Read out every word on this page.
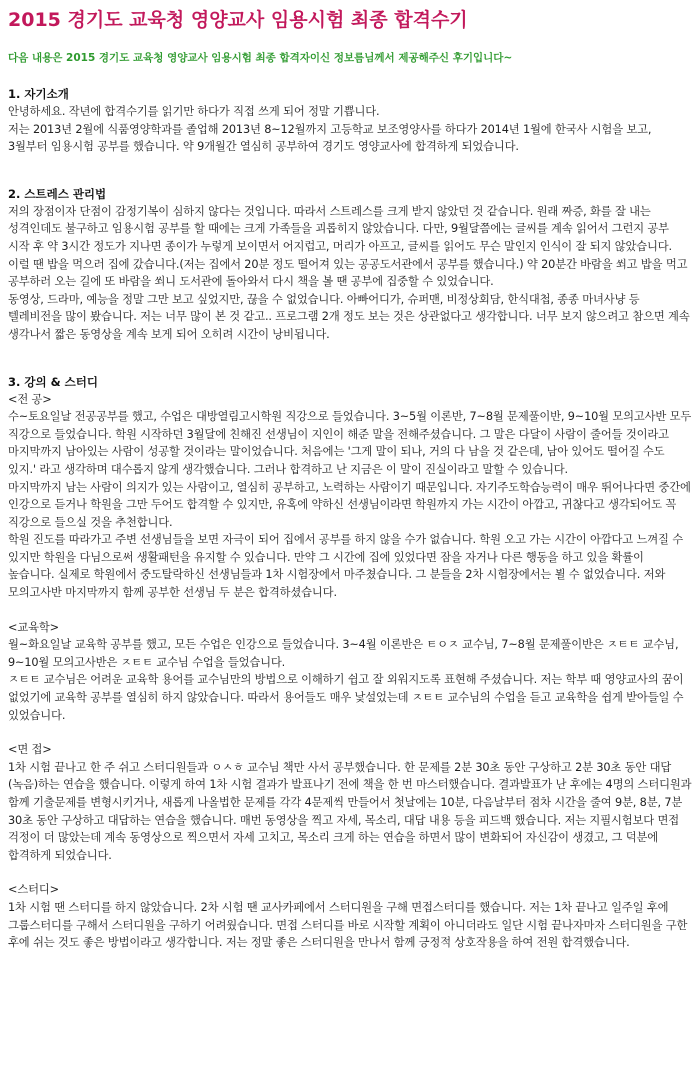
2015 경기도 교육청 영양교사 임용시험 최종 합격수기
다음 내용은 2015 경기도 교육청 영양교사 임용시험 최종 합격자이신 정보름님께서 제공해주신 후기입니다~
1. 자기소개

안녕하세요. 작년에 합격수기를 읽기만 하다가 직접 쓰게 되어 정말 기쁩니다.

저는 2013년 2월에 식품영양학과를 졸업해 2013년 8~12월까지 고등학교 보조영양사를 하다가 2014년 1월에 한국사 시험을 보고, 3월부터 임용시험 공부를 했습니다. 약 9개월간 열심히 공부하여 경기도 영양교사에 합격하게 되었습니다.

2. 스트레스 관리법

저의 장점이자 단점이 감정기복이 심하지 않다는 것입니다. 따라서 스트레스를 크게 받지 않았던 것 같습니다. 원래 짜증, 화를 잘 내는 성격인데도 불구하고 임용시험 공부를 할 때에는 크게 가족들을 괴롭히지 않았습니다. 다만, 9월달쯤에는 글씨를 계속 읽어서 그런지 공부 시작 후 약 3시간 정도가 지나면 종이가 누렇게 보이면서 어지럽고, 머리가 아프고, 글씨를 읽어도 무슨 말인지 인식이 잘 되지 않았습니다. 이럴 땐 밥을 먹으러 집에 갔습니다.(저는 집에서 20분 정도 떨어져 있는 공공도서관에서 공부를 했습니다.) 약 20분간 바람을 쐬고 밥을 먹고 공부하러 오는 길에 또 바람을 쐬니 도서관에 돌아와서 다시 책을 볼 땐 공부에 집중할 수 있었습니다.

동영상, 드라마, 예능을 정말 그만 보고 싶었지만, 끊을 수 없었습니다. 아빠어디가, 슈퍼맨, 비정상회담, 한식대첩, 종종 마녀사냥 등 텔레비전을 많이 봤습니다. 저는 너무 많이 본 것 같고.. 프로그램 2개 정도 보는 것은 상관없다고 생각합니다. 너무 보지 않으려고 참으면 계속 생각나서 짧은 동영상을 계속 보게 되어 오히려 시간이 낭비됩니다.

3. 강의 & 스터디

<전 공>

수~토요일날 전공공부를 했고, 수업은 대방열림고시학원 직강으로 들었습니다. 3~5월 이론반, 7~8월 문제풀이반, 9~10월 모의고사반 모두 직강으로 들었습니다. 학원 시작하던 3월달에 친해진 선생님이 지인이 해준 말을 전해주셨습니다. 그 말은 다달이 사람이 줄어들 것이라고 마지막까지 남아있는 사람이 성공할 것이라는 말이었습니다. 처음에는 '그게 말이 되나, 거의 다 남을 것 같은데, 남아 있어도 떨어질 수도 있지.' 라고 생각하며 대수롭지 않게 생각했습니다. 그러나 합격하고 난 지금은 이 말이 진실이라고 말할 수 있습니다.

마지막까지 남는 사람이 의지가 있는 사람이고, 열심히 공부하고, 노력하는 사람이기 때문입니다. 자기주도학습능력이 매우 뛰어나다면 중간에 인강으로 듣거나 학원을 그만 두어도 합격할 수 있지만, 유혹에 약하신 선생님이라면 학원까지 가는 시간이 아깝고, 귀찮다고 생각되어도 꼭 직강으로 들으실 것을 추천합니다.

학원 진도를 따라가고 주변 선생님들을 보면 자극이 되어 집에서 공부를 하지 않을 수가 없습니다. 학원 오고 가는 시간이 아깝다고 느껴질 수 있지만 학원을 다님으로써 생활패턴을 유지할 수 있습니다. 만약 그 시간에 집에 있었다면 잠을 자거나 다른 행동을 하고 있을 확률이 높습니다. 실제로 학원에서 중도탈락하신 선생님들과 1차 시험장에서 마주쳤습니다. 그 분들을 2차 시험장에서는 뵐 수 없었습니다. 저와 모의고사반 마지막까지 함께 공부한 선생님 두 분은 합격하셨습니다.

<교육학>

월~화요일날 교육학 공부를 했고, 모든 수업은 인강으로 들었습니다. 3~4월 이론반은 ㅌㅇㅈ 교수님, 7~8월 문제풀이반은 ㅈㅌㅌ 교수님, 9~10월 모의고사반은 ㅈㅌㅌ 교수님 수업을 들었습니다.

ㅈㅌㅌ 교수님은 어려운 교육학 용어를 교수님만의 방법으로 이해하기 쉽고 잘 외워지도록 표현해 주셨습니다. 저는 학부 때 영양교사의 꿈이 없었기에 교육학 공부를 열심히 하지 않았습니다. 따라서 용어들도 매우 낯설었는데 ㅈㅌㅌ 교수님의 수업을 듣고 교육학을 쉽게 받아들일 수 있었습니다.

<면 접>

1차 시험 끝나고 한 주 쉬고 스터디원들과 ㅇㅅㅎ 교수님 책만 사서 공부했습니다. 한 문제를 2분 30초 동안 구상하고 2분 30초 동안 대답(녹음)하는 연습을 했습니다. 이렇게 하여 1차 시험 결과가 발표나기 전에 책을 한 번 마스터했습니다. 결과발표가 난 후에는 4명의 스터디원과 함께 기출문제를 변형시키거나, 새롭게 나올법한 문제를 각각 4문제씩 만들어서 첫날에는 10분, 다음날부터 점차 시간을 줄여 9분, 8분, 7분 30초 동안 구상하고 대답하는 연습을 했습니다. 매번 동영상을 찍고 자세, 목소리, 대답 내용 등을 피드백 했습니다. 저는 지필시험보다 면접 걱정이 더 많았는데 계속 동영상으로 찍으면서 자세 고치고, 목소리 크게 하는 연습을 하면서 많이 변화되어 자신감이 생겼고, 그 덕분에 합격하게 되었습니다.

<스터디>

1차 시험 땐 스터디를 하지 않았습니다. 2차 시험 땐 교사카페에서 스터디원을 구해 면접스터디를 했습니다. 저는 1차 끝나고 일주일 후에 그룹스터디를 구해서 스터디원을 구하기 어려웠습니다. 면접 스터디를 바로 시작할 계획이 아니더라도 일단 시험 끝나자마자 스터디원을 구한 후에 쉬는 것도 좋은 방법이라고 생각합니다. 저는 정말 좋은 스터디원을 만나서 함께 긍정적 상호작용을 하여 전원 합격했습니다.
